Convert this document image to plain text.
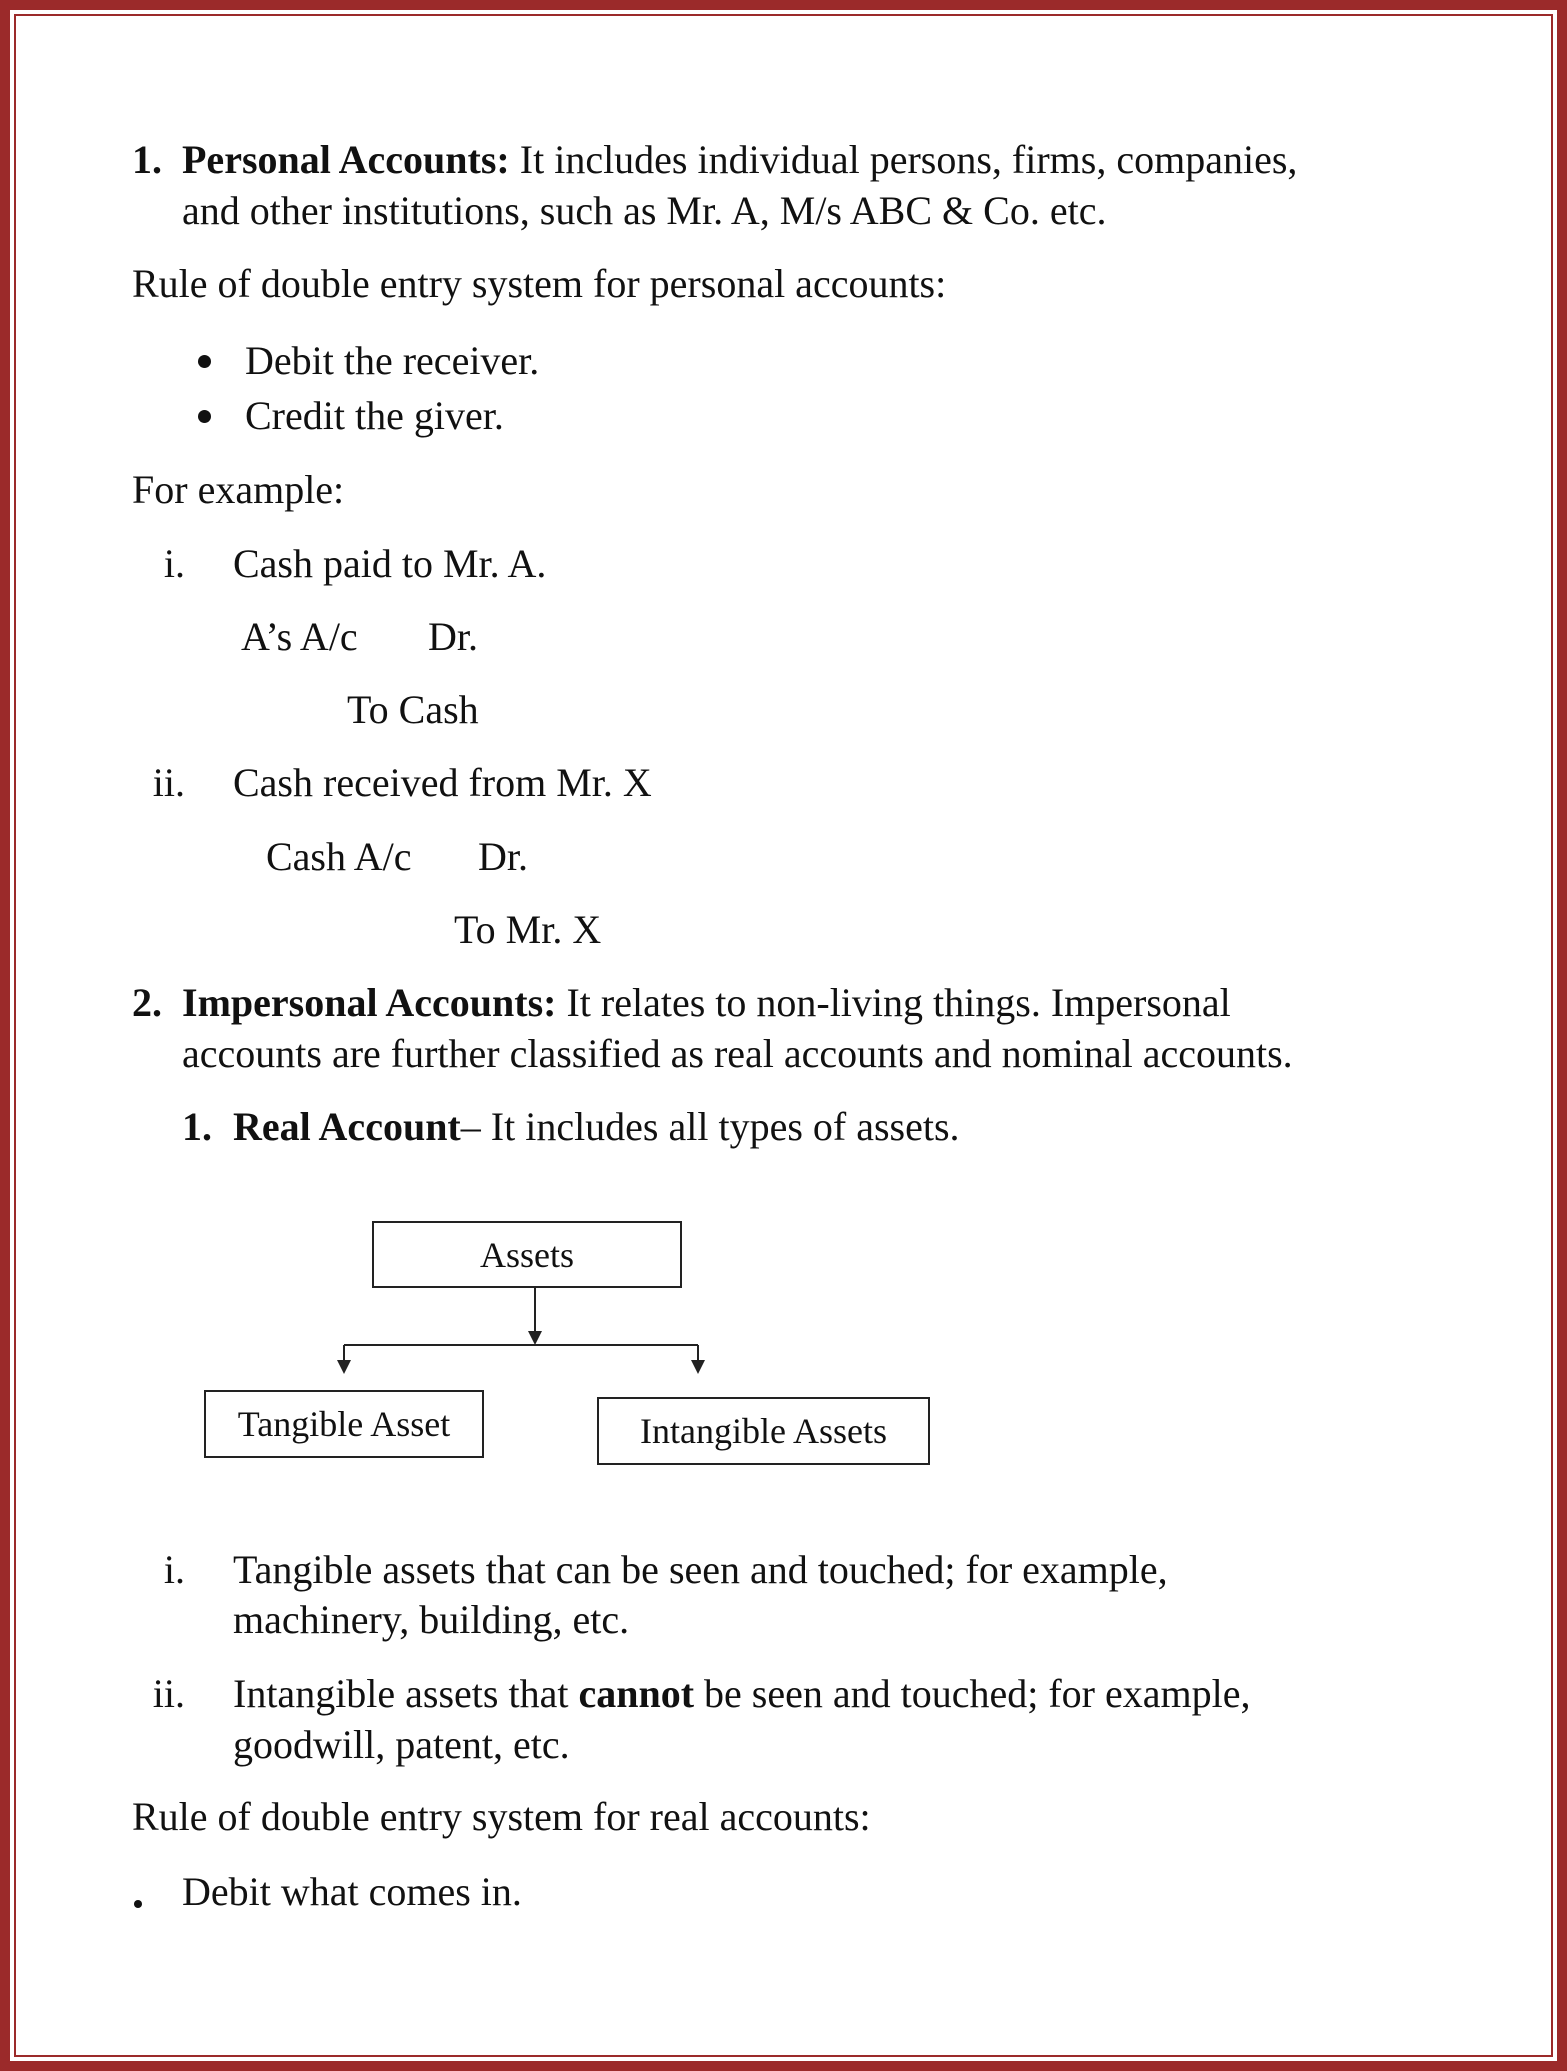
1. Personal Accounts: It includes individual persons, firms, companies,
and other institutions, such as Mr. A, M/s ABC & Co. etc.
Rule of double entry system for personal accounts:
Debit the receiver.
Credit the giver.
For example:
i. Cash paid to Mr. A.
A’s A/c Dr.
To Cash
ii. Cash received from Mr. X
Cash A/c Dr.
To Mr. X
2. Impersonal Accounts: It relates to non-living things. Impersonal
accounts are further classified as real accounts and nominal accounts.
1. Real Account– It includes all types of assets.
Assets
Tangible Asset	Intangible Assets
i. Tangible assets that can be seen and touched; for example,
machinery, building, etc.
ii. Intangible assets that cannot be seen and touched; for example,
goodwill, patent, etc.
Rule of double entry system for real accounts:
Debit what comes in.
